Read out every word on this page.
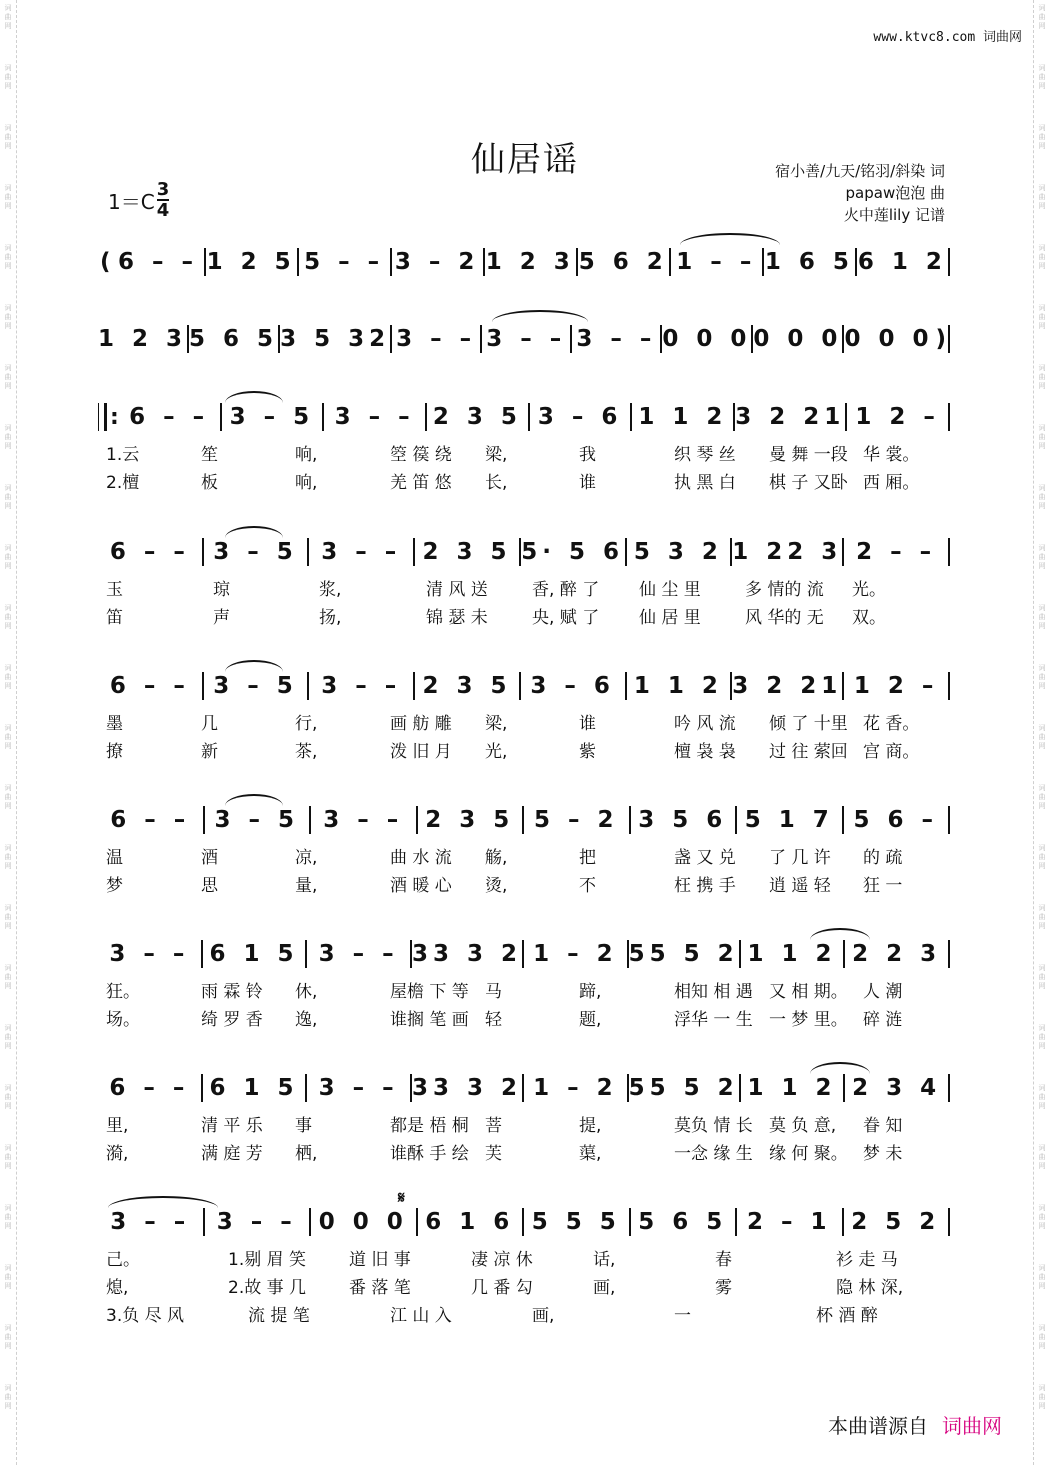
词
曲
网
词
曲
网
词
曲
网
词
曲
网
词
曲
网
词
曲
网
词
曲
网
词
曲
网
词
曲
网
词
曲
网
词
曲
网
词
曲
网
词
曲
网
词
曲
网
词
曲
网
词
曲
网
词
曲
网
词
曲
网
词
曲
网
词
曲
网
词
曲
网
词
曲
网
词
曲
网
词
曲
网
词
曲
网
词
曲
网
词
曲
网
词
曲
网
词
曲
网
词
曲
网
词
曲
网
词
曲
网
词
曲
网
词
曲
网
词
曲
网
词
曲
网
词
曲
网
词
曲
网
词
曲
网
词
曲
网
词
曲
网
词
曲
网
词
曲
网
词
曲
网
词
曲
网
词
曲
网
词
曲
网
词
曲
网
www.ktvc8.com 词曲网
仙居谣	宿小善/九天/铭羽/斜染 词
papaw泡泡 曲
火中莲lily 记谱
$1=C \frac{3}{4}$
( 6 – – 1 2 5 5 – – 3 – 2 1 2 3 5 6 2 1 – – 1 6 5 6 1 2
1 2 3 5 6 5 3 5 32 3 – – 3 – – 3 – – 0 0 0 0 0 0 0 0 0 )
: 6 – – 3 – 5 3 – – 2 3 5 3 – 6 1 1 2 3 2 21 1 2 –
6 – –	3 – 5	3 – – 2 3 5 5· 5 6 5 3 2 1 22 3 2 – –
6 – –	3 – 5	3 – – 2 3 5 3 – 6 1 1 2 3 2 21 1 2 –
6 – –	3 – 5	3 – – 2 3 5 5 – 2 3 5 6 5 1 7 5 6 –
3 – – 6 1 5 3 – – 33 3 2 1 – 2 55 5 2 1 1 2 2 2 3
6 – – 6 1 5 3 – – 33 3 2 1 – 2 55 5 2 1 1 2 2 3 4
3 – –	3 – – 0 0 0 6 1 6 5 5 5 5 6 5 2 – 1 2 5 2
1.云	笙	响,	箜 篌 绕 梁,	我	织 琴 丝 曼 舞 一段 华 裳。
2.檀	板	响,	羌 笛 悠 长,	谁	执 黑 白 棋 子 又卧 西 厢。
玉	琼	浆,	清 风 送	香, 醉 了 仙 尘 里	多 情的 流 光。
笛	声	扬,	锦 瑟 未	央, 赋 了 仙 居 里	风 华的 无 双。
墨	几	行,	画 舫 雕 梁,	谁	吟 风 流 倾 了 十里 花 香。
撩	新	茶,	泼 旧 月 光,	紫	檀 袅 袅 过 往 萦回 宫 商。
温	酒	凉,	曲 水 流 觞,	把	盏 又 兑 了 几 许 的 疏
梦	思	量,	酒 暖 心 烫,	不	枉 携 手 逍 遥 轻 狂 一
狂。	雨 霖 铃 休,	屋檐 下 等 马	蹄,	相知 相 遇 又 相 期。 人 潮
场。	绮 罗 香 逸,	谁搁 笔 画 轻	题,	浮华 一 生 一 梦 里。 碎 涟
里,	清 平 乐 事	都是 梧 桐 菩	提,	莫负 情 长 莫 负 意, 眷 知
漪,	满 庭 芳 栖,	谁酥 手 绘 芙	蕖,	一念 缘 生 缘 何 聚。 梦 未
己。	1.剔 眉 笑	道 旧 事	凄 凉 休	话,	春	衫 走 马
熄,	2.故 事 几	番 落 笔	几 番 勾	画,	雾	隐 林 深,
3.负 尽 风	流 提 笔	江 山 入	画,	一	杯 酒 醉
𝄋
本曲谱源自 词曲网
